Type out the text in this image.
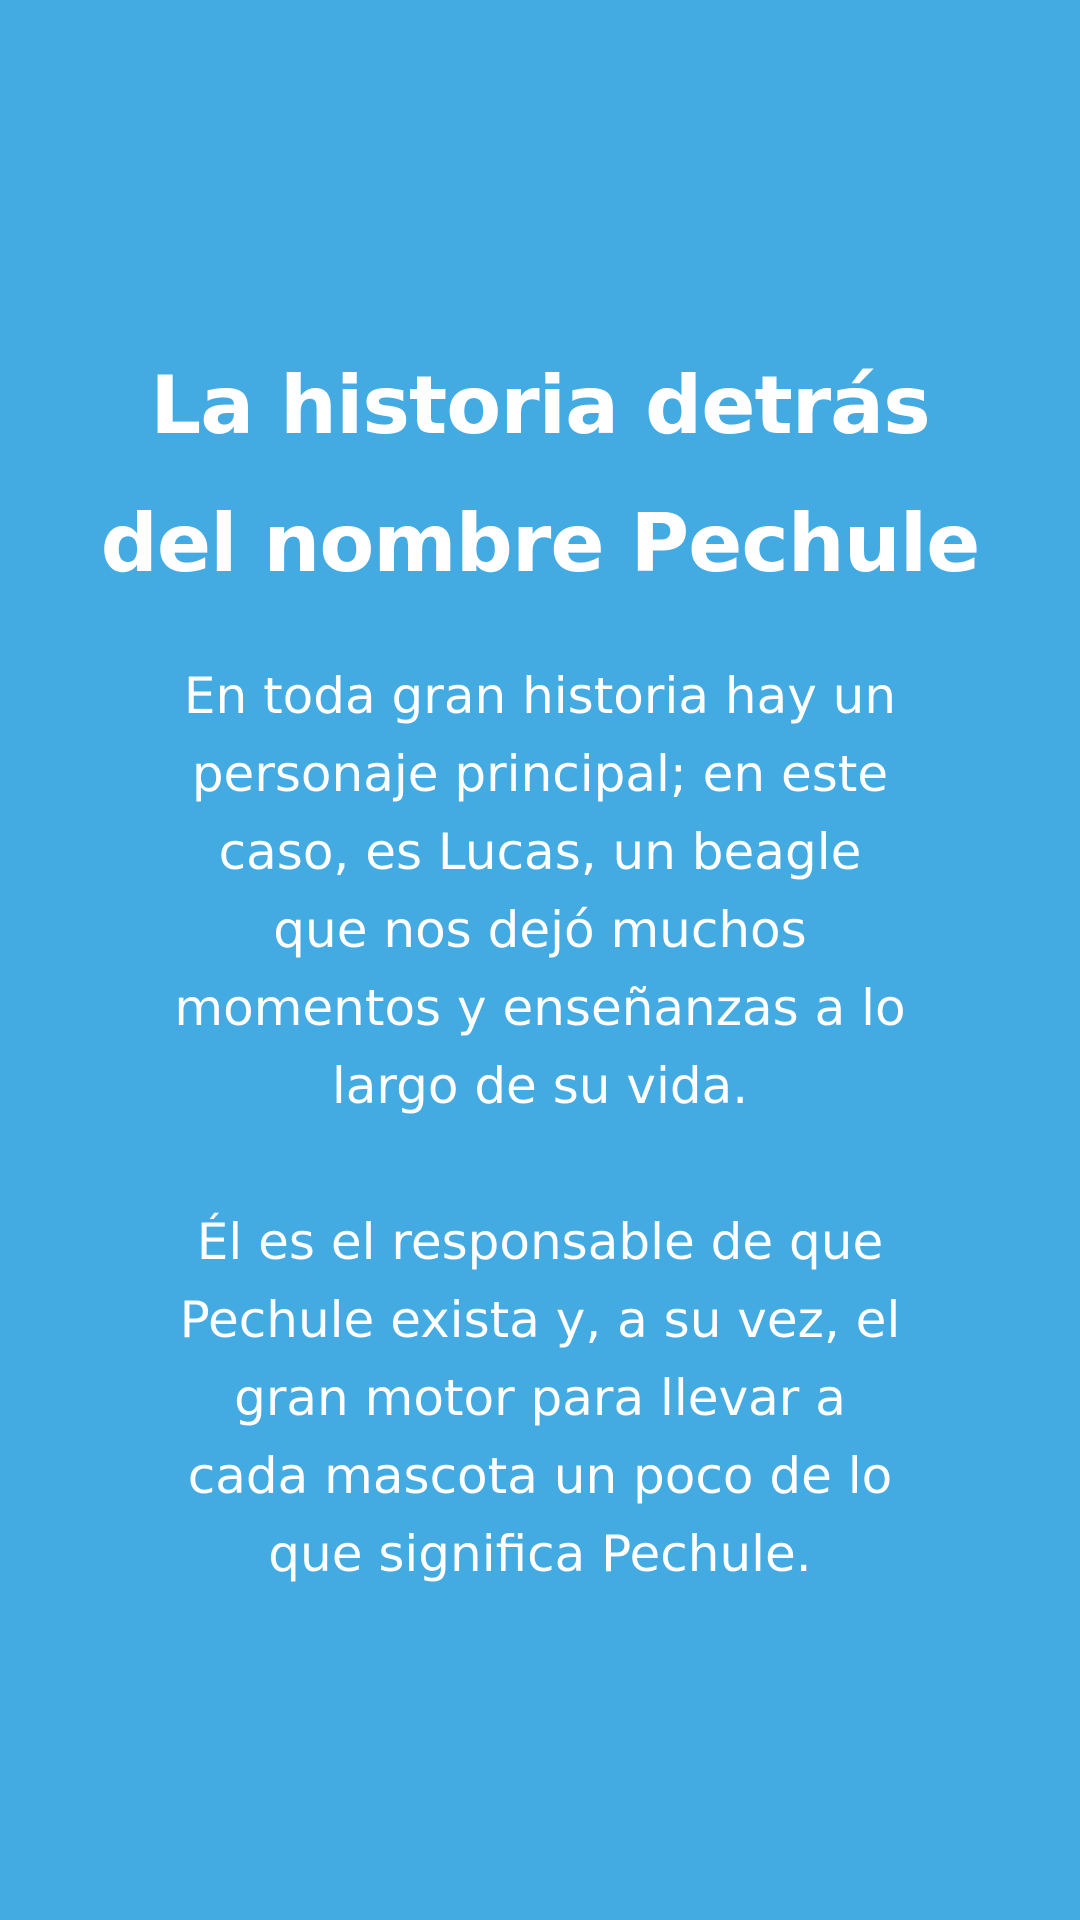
La historia detrás
del nombre Pechule

En toda gran historia hay un
personaje principal; en este
caso, es Lucas, un beagle
que nos dejó muchos
momentos y enseñanzas a lo
largo de su vida.

Él es el responsable de que
Pechule exista y, a su vez, el
gran motor para llevar a
cada mascota un poco de lo
que significa Pechule.
